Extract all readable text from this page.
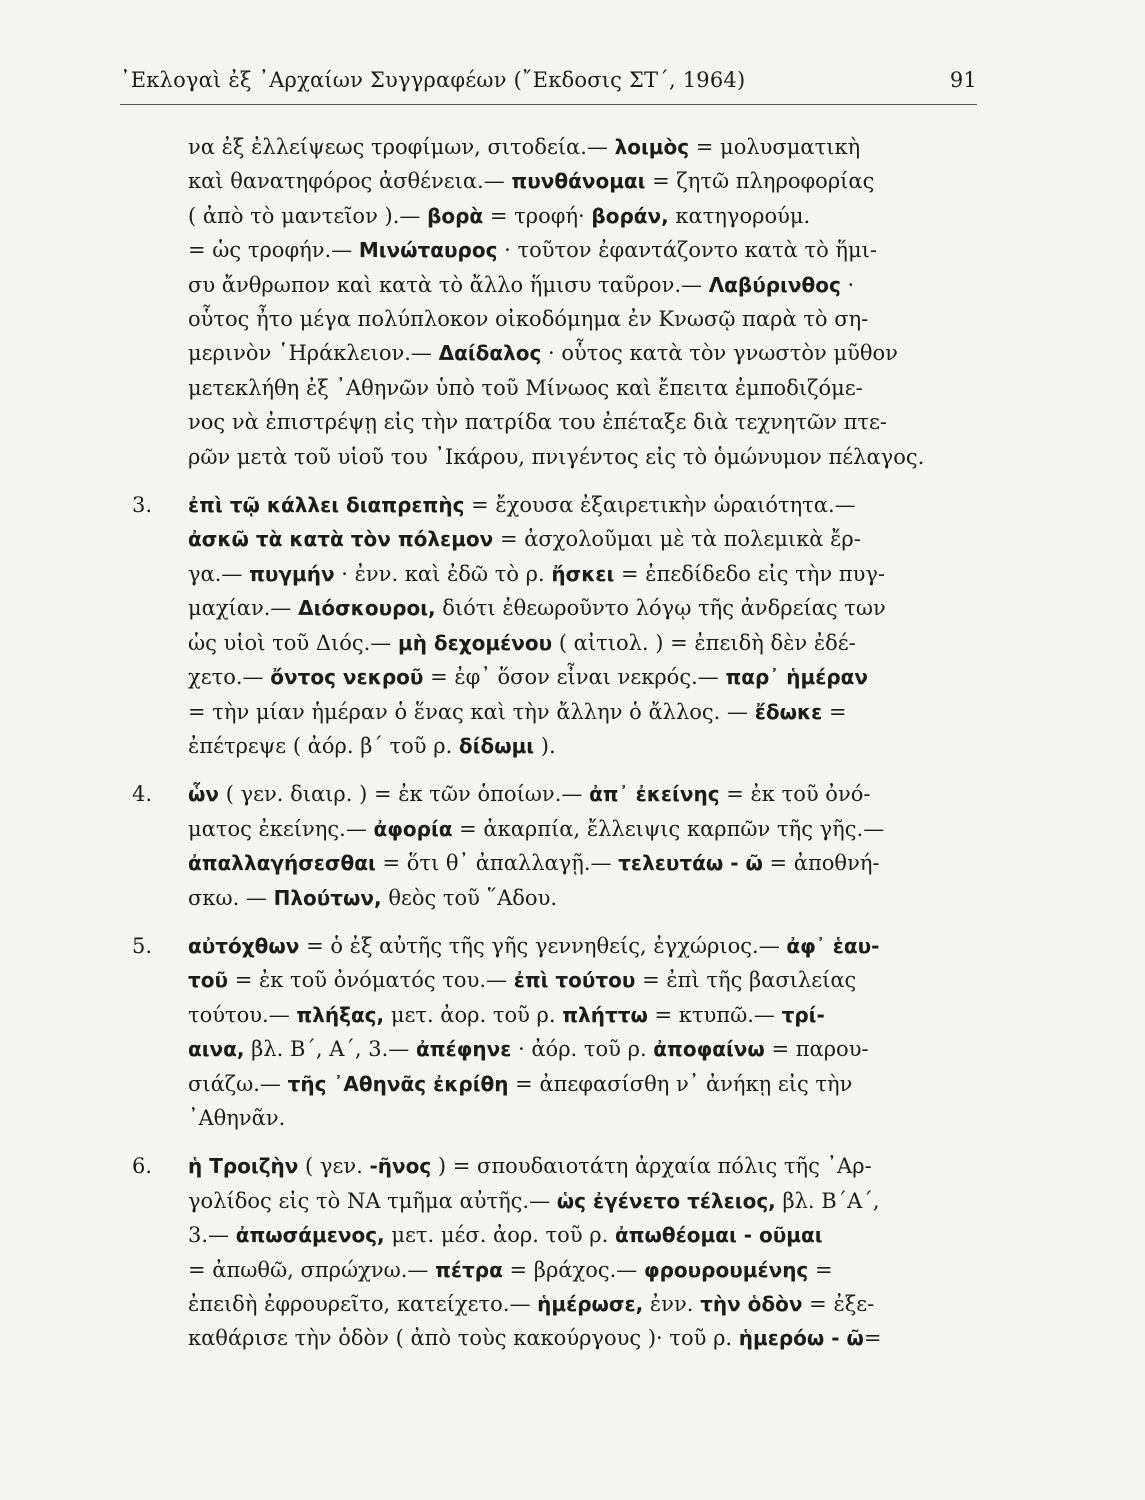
᾿Εκλογαὶ ἐξ ᾿Αρχαίων Συγγραφέων (῎Εκδοσις ΣΤ΄, 1964)	91
να ἐξ ἐλλείψεως τροφίμων, σιτοδεία.— λοιμὸς = μολυσματικὴ
καὶ θανατηφόρος ἀσθένεια.— πυνθάνομαι = ζητῶ πληροφορίας
( ἀπὸ τὸ μαντεῖον ).— βορὰ = τροφή· βοράν, κατηγορούμ.
= ὡς τροφήν.— Μινώταυρος · τοῦτον ἐφαντάζοντο κατὰ τὸ ἥμι-
συ ἄνθρωπον καὶ κατὰ τὸ ἄλλο ἥμισυ ταῦρον.— Λαβύρινθος ·
οὗτος ἦτο μέγα πολύπλοκον οἰκοδόμημα ἐν Κνωσῷ παρὰ τὸ ση-
μερινὸν ῾Ηράκλειον.— Δαίδαλος · οὗτος κατὰ τὸν γνωστὸν μῦθον
μετεκλήθη ἐξ ᾿Αθηνῶν ὑπὸ τοῦ Μίνωος καὶ ἔπειτα ἐμποδιζόμε-
νος νὰ ἐπιστρέψῃ εἰς τὴν πατρίδα του ἐπέταξε διὰ τεχνητῶν πτε-
ρῶν μετὰ τοῦ υἱοῦ του ᾿Ικάρου, πνιγέντος εἰς τὸ ὁμώνυμον πέλαγος.
3. ἐπὶ τῷ κάλλει διαπρεπὴς = ἔχουσα ἐξαιρετικὴν ὡραιότητα.—
ἀσκῶ τὰ κατὰ τὸν πόλεμον = ἀσχολοῦμαι μὲ τὰ πολεμικὰ ἔρ-
γα.— πυγμήν · ἐνν. καὶ ἐδῶ τὸ ρ. ἤσκει = ἐπεδίδεδο εἰς τὴν πυγ-
μαχίαν.— Διόσκουροι, διότι ἐθεωροῦντο λόγῳ τῆς ἀνδρείας των
ὡς υἱοὶ τοῦ Διός.— μὴ δεχομένου ( αἰτιολ. ) = ἐπειδὴ δὲν ἐδέ-
χετο.— ὄντος νεκροῦ = ἐφ᾿ ὅσον εἶναι νεκρός.— παρ᾿ ἡμέραν
= τὴν μίαν ἡμέραν ὁ ἕνας καὶ τὴν ἄλλην ὁ ἄλλος. — ἔδωκε =
ἐπέτρεψε ( ἀόρ. β΄ τοῦ ρ. δίδωμι ).
4. ὧν ( γεν. διαιρ. ) = ἐκ τῶν ὁποίων.— ἀπ᾿ ἐκείνης = ἐκ τοῦ ὀνό-
ματος ἐκείνης.— ἀφορία = ἀκαρπία, ἔλλειψις καρπῶν τῆς γῆς.—
ἀπαλλαγήσεσθαι = ὅτι θ᾿ ἀπαλλαγῇ.— τελευτάω - ῶ = ἀποθνή-
σκω. — Πλούτων, θεὸς τοῦ ῞Αδου.
5. αὐτόχθων = ὁ ἐξ αὐτῆς τῆς γῆς γεννηθείς, ἐγχώριος.— ἀφ᾿ ἑαυ-
τοῦ = ἐκ τοῦ ὀνόματός του.— ἐπὶ τούτου = ἐπὶ τῆς βασιλείας
τούτου.— πλήξας, μετ. ἀορ. τοῦ ρ. πλήττω = κτυπῶ.— τρί-
αινα, βλ. Β΄, Α΄, 3.— ἀπέφηνε · ἀόρ. τοῦ ρ. ἀποφαίνω = παρου-
σιάζω.— τῆς ᾿Αθηνᾶς ἐκρίθη = ἀπεφασίσθη ν᾿ ἀνήκῃ εἰς τὴν
᾿Αθηνᾶν.
6. ἡ Τροιζὴν ( γεν. -ῆνος ) = σπουδαιοτάτη ἀρχαία πόλις τῆς ᾿Αρ-
γολίδος εἰς τὸ ΝΑ τμῆμα αὐτῆς.— ὡς ἐγένετο τέλειος, βλ. Β΄Α΄,
3.— ἀπωσάμενος, μετ. μέσ. ἀορ. τοῦ ρ. ἀπωθέομαι - οῦμαι
= ἀπωθῶ, σπρώχνω.— πέτρα = βράχος.— φρουρουμένης =
ἐπειδὴ ἐφρουρεῖτο, κατείχετο.— ἡμέρωσε, ἐνν. τὴν ὁδὸν = ἐξε-
καθάρισε τὴν ὁδὸν ( ἀπὸ τοὺς κακούργους )· τοῦ ρ. ἡμερόω - ῶ=
